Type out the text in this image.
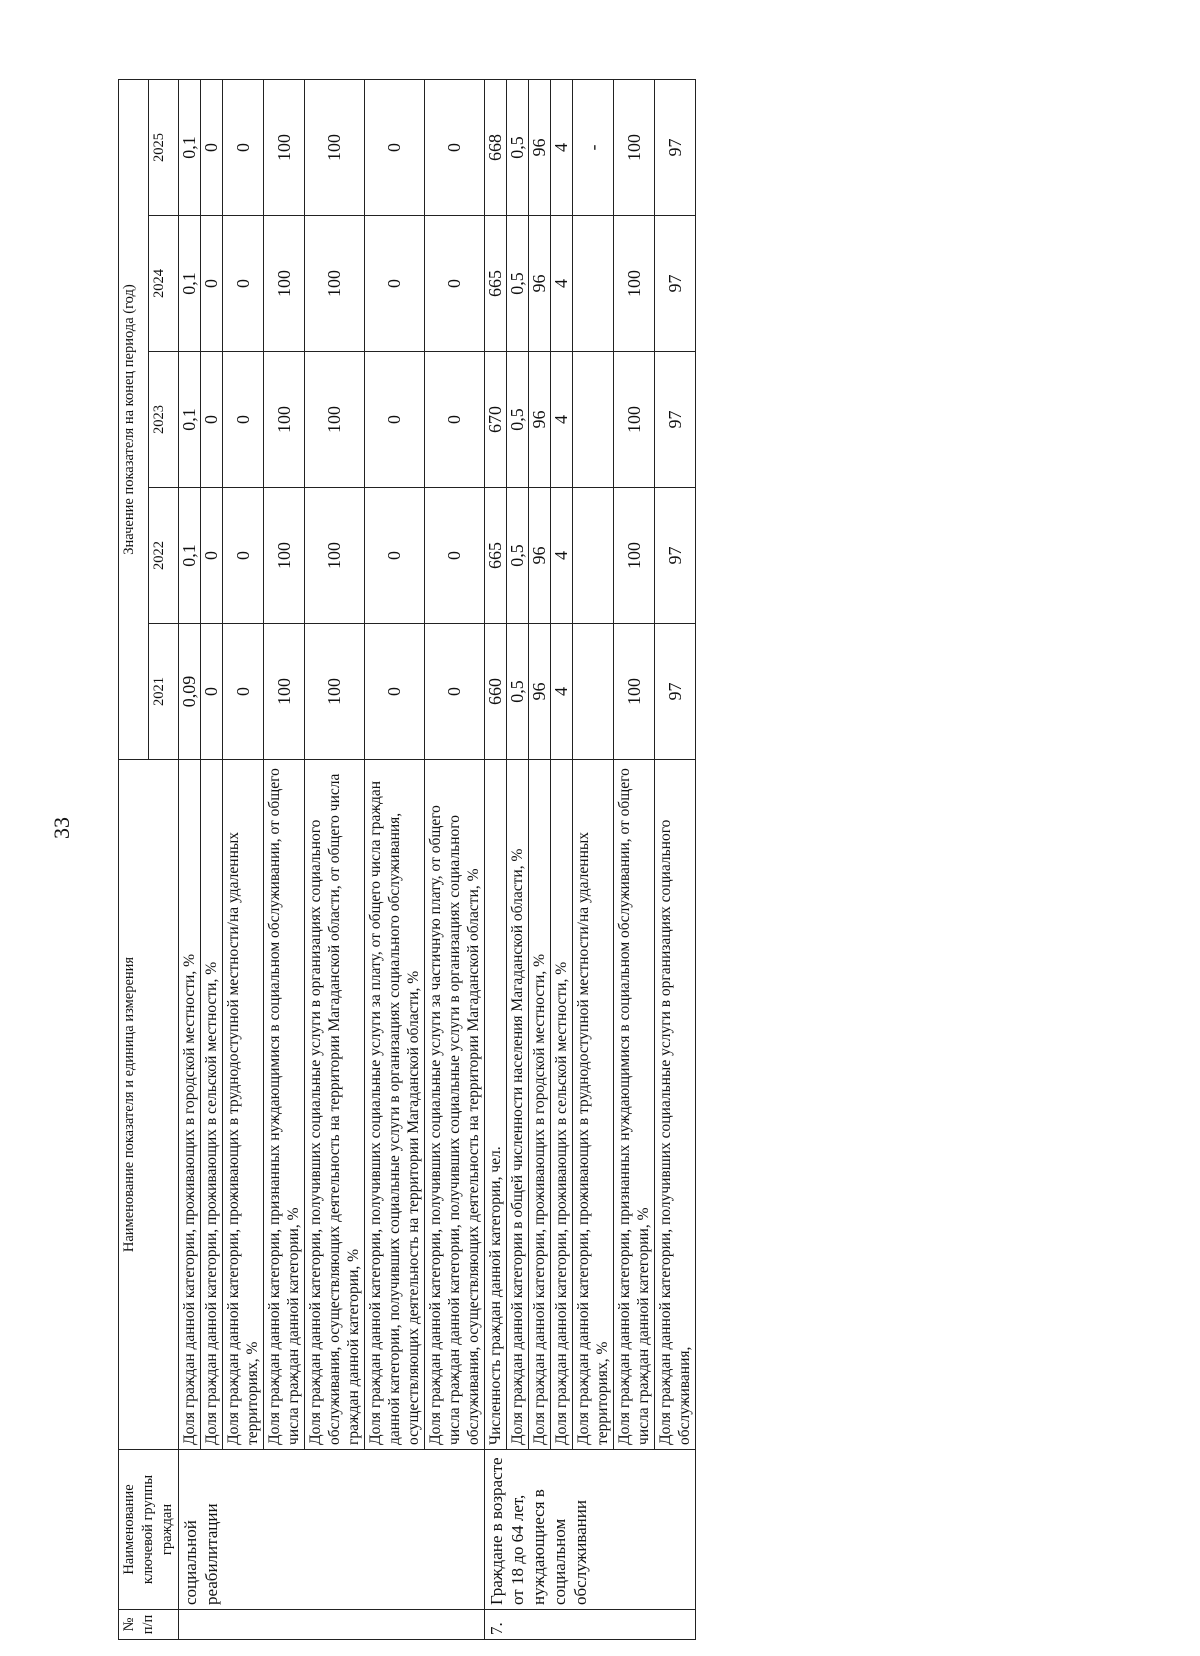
33
№ п/п	Наименование ключевой группы граждан	Наименование показателя и единица измерения	Значение показателя на конец периода (год)				
			2021	2022	2023	2024	2025
	социальной реабилитации	Доля граждан данной категории, проживающих в городской местности, %	0,09	0,1	0,1	0,1	0,1
		Доля граждан данной категории, проживающих в сельской местности, %	0	0	0	0	0
		Доля граждан данной категории, проживающих в труднодоступной местности/на удаленных территориях, %	0	0	0	0	0
		Доля граждан данной категории, признанных нуждающимися в социальном обслуживании, от общего числа граждан данной категории, %	100	100	100	100	100
		Доля граждан данной категории, получивших социальные услуги в организациях социального обслуживания, осуществляющих деятельность на территории Магаданской области, от общего числа граждан данной категории, %	100	100	100	100	100
		Доля граждан данной категории, получивших социальные услуги за плату, от общего числа граждан данной категории, получивших социальные услуги в организациях социального обслуживания, осуществляющих деятельность на территории Магаданской области, %	0	0	0	0	0
		Доля граждан данной категории, получивших социальные услуги за частичную плату, от общего числа граждан данной категории, получивших социальные услуги в организациях социального обслуживания, осуществляющих деятельность на территории Магаданской области, %	0	0	0	0	0
7.	Граждане в возрасте от 18 до 64 лет, нуждающиеся в социальном обслуживании	Численность граждан данной категории, чел.	660	665	670	665	668
		Доля граждан данной категории в общей численности населения Магаданской области, %	0,5	0,5	0,5	0,5	0,5
		Доля граждан данной категории, проживающих в городской местности, %	96	96	96	96	96
		Доля граждан данной категории, проживающих в сельской местности, %	4	4	4	4	4
		Доля граждан данной категории, проживающих в труднодоступной местности/на удаленных территориях, %					-
		Доля граждан данной категории, признанных нуждающимися в социальном обслуживании, от общего числа граждан данной категории, %	100	100	100	100	100
		Доля граждан данной категории, получивших социальные услуги в организациях социального обслуживания,	97	97	97	97	97
